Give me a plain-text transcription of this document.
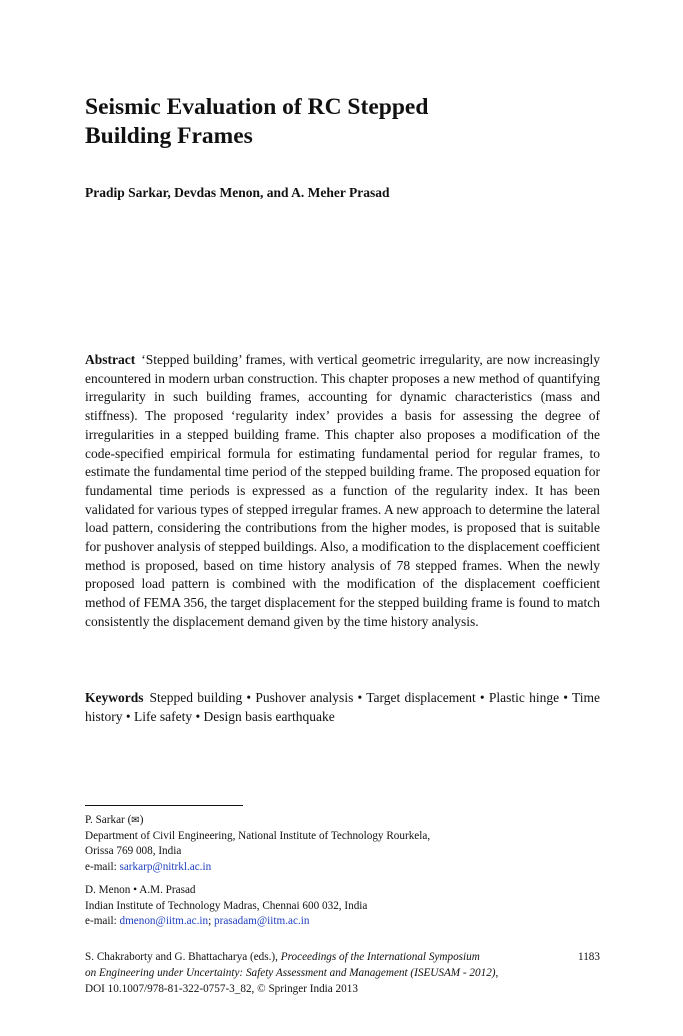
Seismic Evaluation of RC Stepped
Building Frames

Pradip Sarkar, Devdas Menon, and A. Meher Prasad

Abstract ‘Stepped building’ frames, with vertical geometric irregularity, are now increasingly encountered in modern urban construction. This chapter proposes a new method of quantifying irregularity in such building frames, accounting for dynamic characteristics (mass and stiffness). The proposed ‘regularity index’ provides a basis for assessing the degree of irregularities in a stepped building frame. This chapter also proposes a modification of the code-specified empirical formula for estimating fundamental period for regular frames, to estimate the fundamental time period of the stepped building frame. The proposed equation for fundamental time periods is expressed as a function of the regularity index. It has been validated for various types of stepped irregular frames. A new approach to determine the lateral load pattern, considering the contributions from the higher modes, is proposed that is suitable for pushover analysis of stepped buildings. Also, a modification to the displacement coefficient method is proposed, based on time history analysis of 78 stepped frames. When the newly proposed load pattern is combined with the modification of the displacement coefficient method of FEMA 356, the target displacement for the stepped building frame is found to match consistently the displacement demand given by the time history analysis.

Keywords Stepped building • Pushover analysis • Target displacement • Plastic hinge • Time history • Life safety • Design basis earthquake

P. Sarkar (✉)
Department of Civil Engineering, National Institute of Technology Rourkela,
Orissa 769 008, India
e-mail: sarkarp@nitrkl.ac.in
D. Menon • A.M. Prasad
Indian Institute of Technology Madras, Chennai 600 032, India
e-mail: dmenon@iitm.ac.in; prasadam@iitm.ac.in
S. Chakraborty and G. Bhattacharya (eds.), Proceedings of the International Symposium
on Engineering under Uncertainty: Safety Assessment and Management (ISEUSAM - 2012),
DOI 10.1007/978-81-322-0757-3_82, © Springer India 2013
1183
